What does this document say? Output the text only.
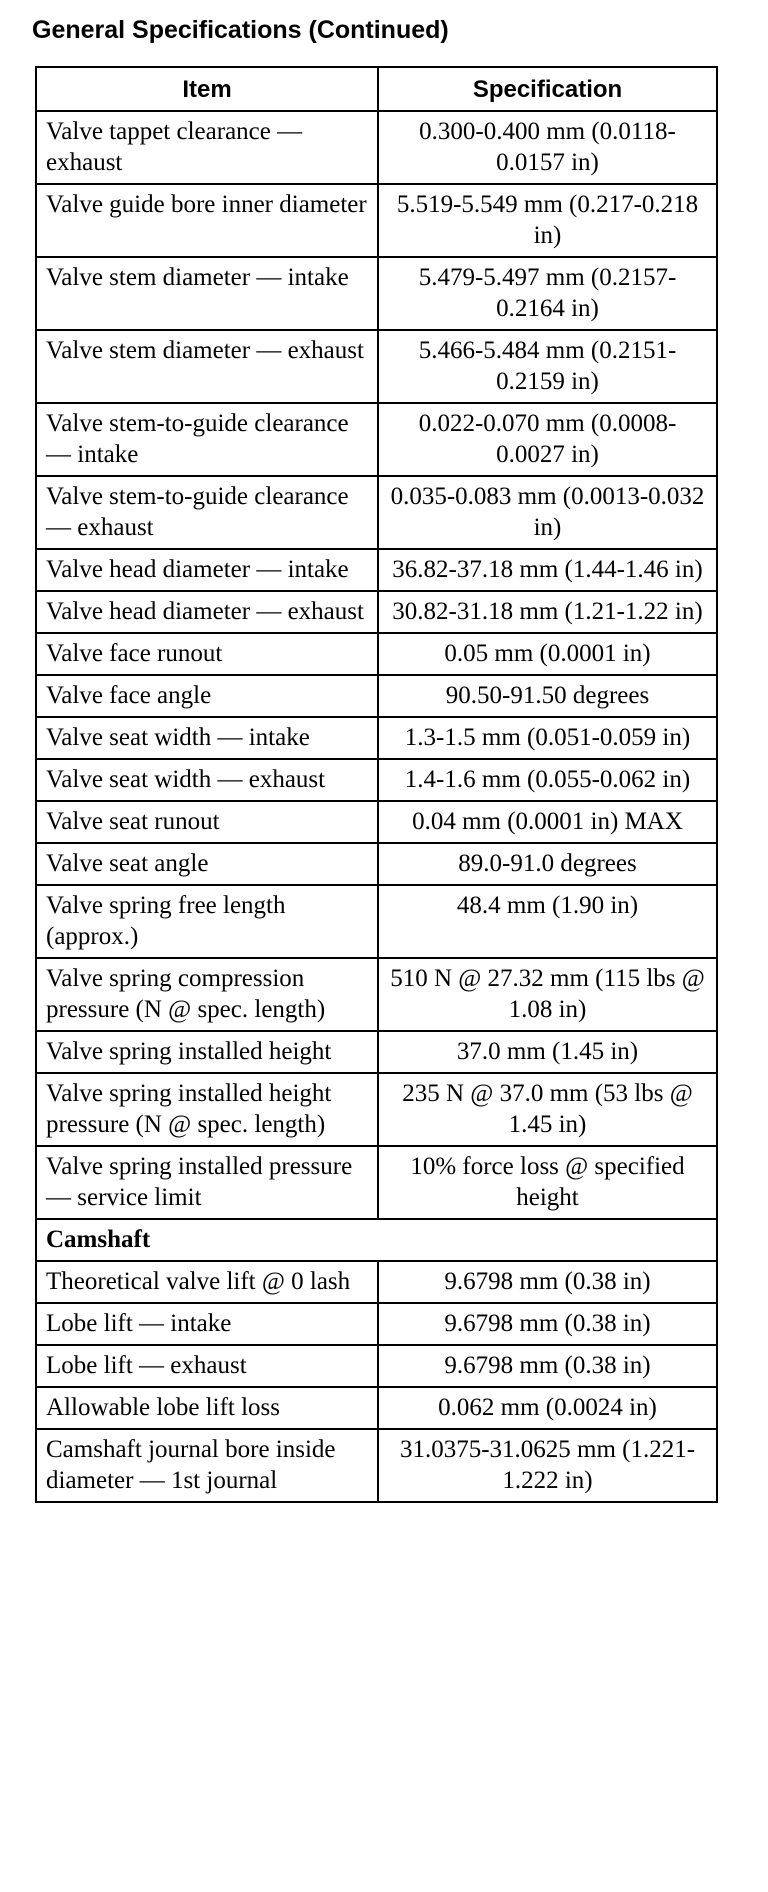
General Specifications (Continued)
Item	Specification
Valve tappet clearance — exhaust	0.300-0.400 mm (0.0118-0.0157 in)
Valve guide bore inner diameter	5.519-5.549 mm (0.217-0.218 in)
Valve stem diameter — intake	5.479-5.497 mm (0.2157-0.2164 in)
Valve stem diameter — exhaust	5.466-5.484 mm (0.2151-0.2159 in)
Valve stem-to-guide clearance — intake	0.022-0.070 mm (0.0008-0.0027 in)
Valve stem-to-guide clearance — exhaust	0.035-0.083 mm (0.0013-0.032 in)
Valve head diameter — intake	36.82-37.18 mm (1.44-1.46 in)
Valve head diameter — exhaust	30.82-31.18 mm (1.21-1.22 in)
Valve face runout	0.05 mm (0.0001 in)
Valve face angle	90.50-91.50 degrees
Valve seat width — intake	1.3-1.5 mm (0.051-0.059 in)
Valve seat width — exhaust	1.4-1.6 mm (0.055-0.062 in)
Valve seat runout	0.04 mm (0.0001 in) MAX
Valve seat angle	89.0-91.0 degrees
Valve spring free length (approx.)	48.4 mm (1.90 in)
Valve spring compression pressure (N @ spec. length)	510 N @ 27.32 mm (115 lbs @ 1.08 in)
Valve spring installed height	37.0 mm (1.45 in)
Valve spring installed height pressure (N @ spec. length)	235 N @ 37.0 mm (53 lbs @ 1.45 in)
Valve spring installed pressure — service limit	10% force loss @ specified height
Camshaft	
Theoretical valve lift @ 0 lash	9.6798 mm (0.38 in)
Lobe lift — intake	9.6798 mm (0.38 in)
Lobe lift — exhaust	9.6798 mm (0.38 in)
Allowable lobe lift loss	0.062 mm (0.0024 in)
Camshaft journal bore inside diameter — 1st journal	31.0375-31.0625 mm (1.221-1.222 in)
